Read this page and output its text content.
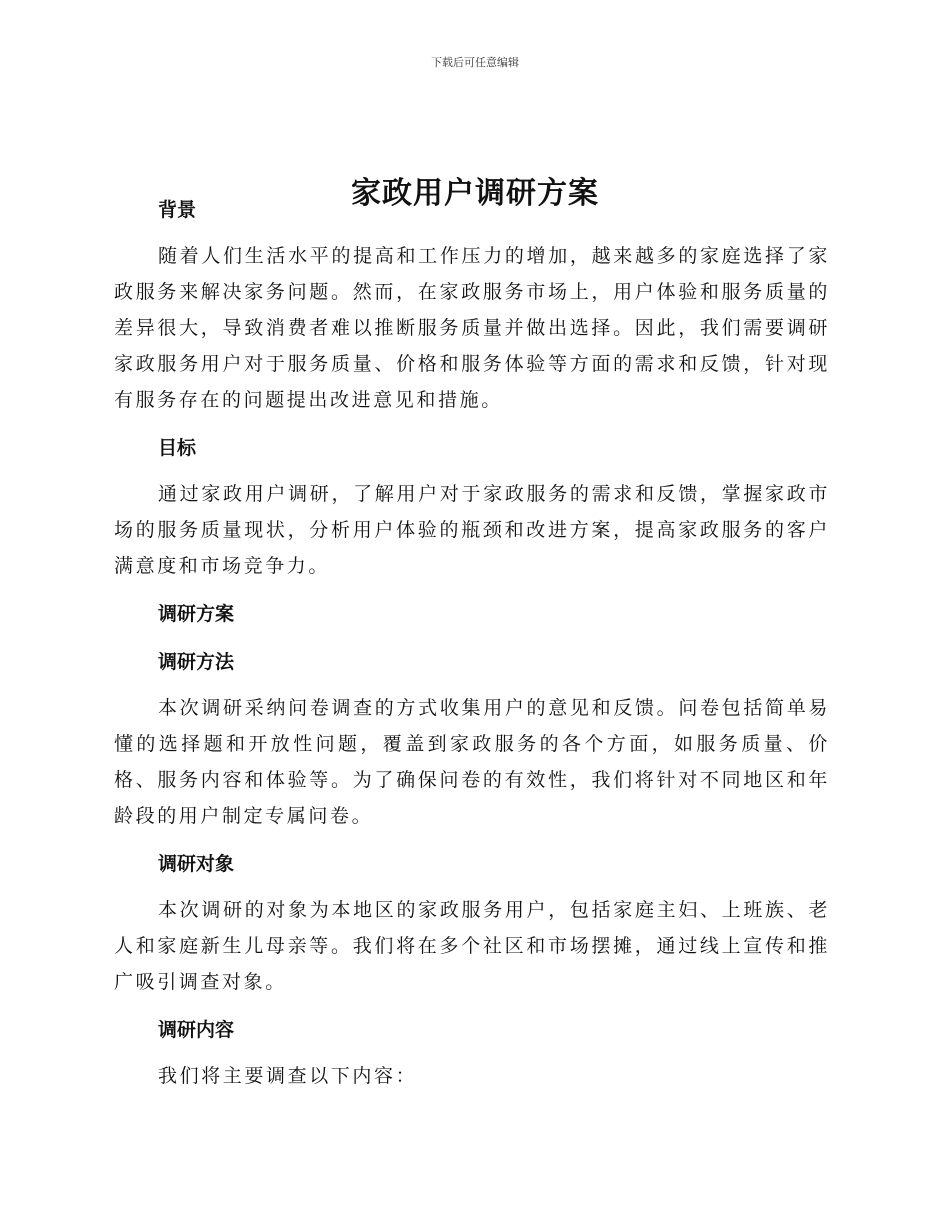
下载后可任意编辑
家政用户调研方案

背景

随着人们生活水平的提高和工作压力的增加，越来越多的家庭选择了家政服务来解决家务问题。然而，在家政服务市场上，用户体验和服务质量的差异很大，导致消费者难以推断服务质量并做出选择。因此，我们需要调研家政服务用户对于服务质量、价格和服务体验等方面的需求和反馈，针对现有服务存在的问题提出改进意见和措施。

目标

通过家政用户调研，了解用户对于家政服务的需求和反馈，掌握家政市场的服务质量现状，分析用户体验的瓶颈和改进方案，提高家政服务的客户满意度和市场竞争力。

调研方案

调研方法

本次调研采纳问卷调查的方式收集用户的意见和反馈。问卷包括简单易懂的选择题和开放性问题，覆盖到家政服务的各个方面，如服务质量、价格、服务内容和体验等。为了确保问卷的有效性，我们将针对不同地区和年龄段的用户制定专属问卷。

调研对象

本次调研的对象为本地区的家政服务用户，包括家庭主妇、上班族、老人和家庭新生儿母亲等。我们将在多个社区和市场摆摊，通过线上宣传和推广吸引调查对象。

调研内容

我们将主要调查以下内容：
